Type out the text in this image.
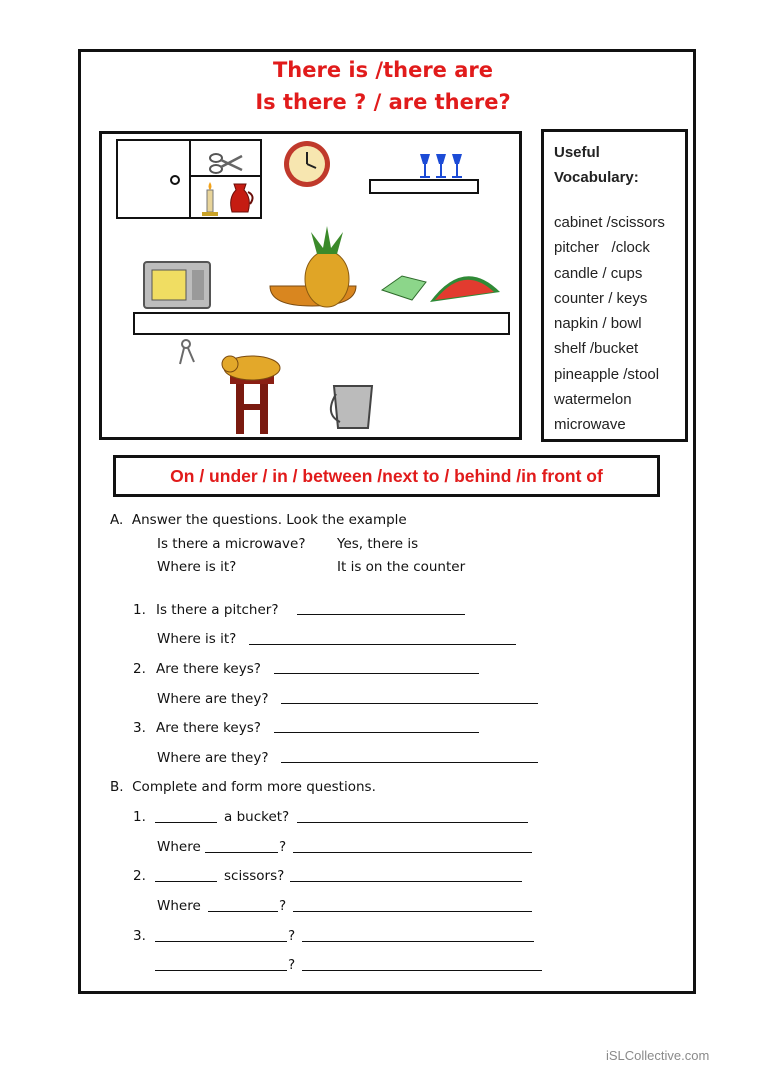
There is /there are
Is there ? / are there?
Useful
Vocabulary:
cabinet /scissors
pitcher   /clock
candle / cups
counter / keys
napkin / bowl
shelf /bucket
pineapple /stool
watermelon
microwave
On / under / in / between /next to / behind /in front of
A.  Answer the questions. Look the example
Is there a microwave? Yes, there is
Where is it?	It is on the counter
1. Is there a pitcher?
Where is it?
2. Are there keys?
Where are they?
3. Are there keys?
Where are they?
B.  Complete and form more questions.
1.	a bucket?
Where	?
2.	scissors?
Where	?
3.	?
?
iSLCollective.com
